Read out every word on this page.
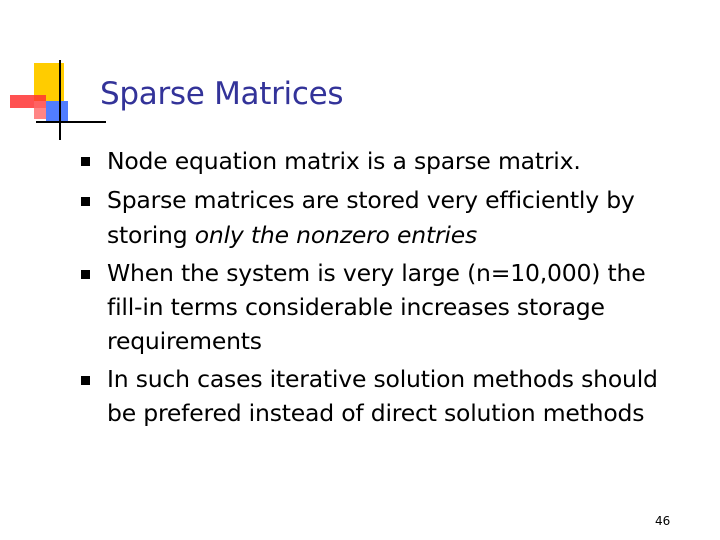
Sparse Matrices
Node equation matrix is a sparse matrix.
Sparse matrices are stored very efficiently by
storing only the nonzero entries
When the system is very large (n=10,000) the
fill-in terms considerable increases storage
requirements
In such cases iterative solution methods should
be prefered instead of direct solution methods
46
